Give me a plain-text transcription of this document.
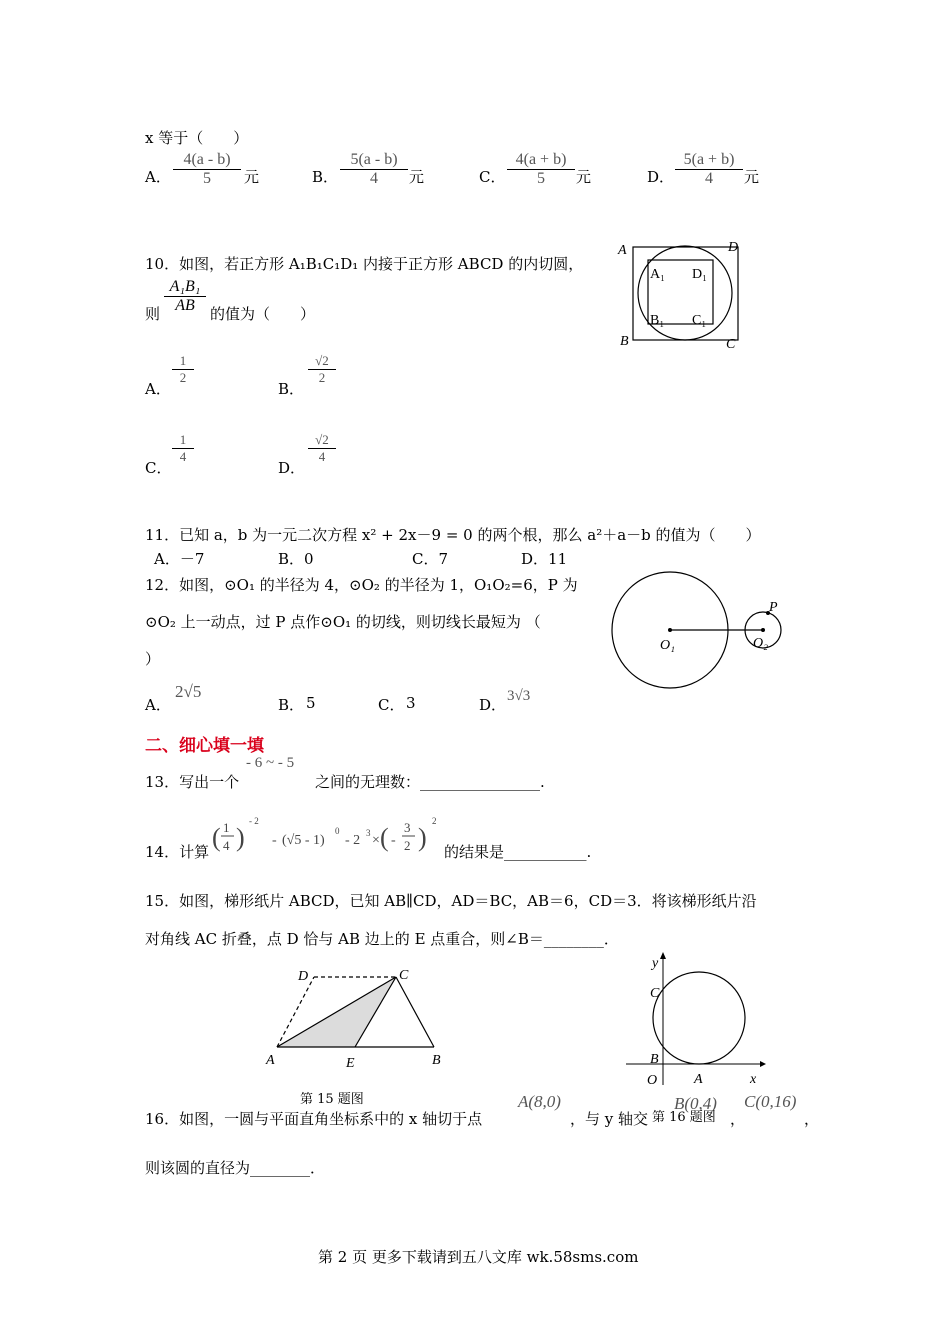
x 等于（　　）
A． $\frac{4(a - b)}{5}$ 元	B． $\frac{5(a - b)}{4}$ 元	C． $\frac{4(a + b)}{5}$ 元	D． $\frac{5(a + b)}{4}$ 元
10．如图，若正方形 A₁B₁C₁D₁ 内接于正方形 ABCD 的内切圆，
则 $\frac{\text{A₁B₁}}{AB}$ 的值为（　　）
A．
$\frac{1}{2}$
B．
$\frac{√2}{2}$
C．
$\frac{1}{4}$
D．
$\frac{√2}{4}$
A	D
B	C
A₁ D₁
B₁ C₁
11．已知 a，b 为一元二次方程 x² + 2x－9 = 0 的两个根，那么 a²＋a－b 的值为（　　）
A．－7	B．0	C．7	D．11
12．如图，⊙O₁ 的半径为 4，⊙O₂ 的半径为 1，O₁O₂=6，P 为
⊙O₂ 上一动点，过 P 点作⊙O₁ 的切线，则切线长最短为 （
）
A．
2√5
B． 5	C． 3	D． 3√3
O₁	O₂
P
二、细心填一填
13．写出一个
- 6 ~ - 5
之间的无理数：________________.
14．计算 ( 1
4 )
- 2
- (√5 - 1)
0
- 2 3 × ( -
3
2 )
2
的结果是___________.
15．如图，梯形纸片 ABCD，已知 AB∥CD，AD＝BC，AB＝6，CD＝3．将该梯形纸片沿
对角线 AC 折叠，点 D 恰与 AB 边上的 E 点重合，则∠B＝________．
A	B
C
D
E
第 15 题图
y
x
O	A
B
C
16．如图，一圆与平面直角坐标系中的 x 轴切于点
A(8,0)
，与 y 轴交 第 16 题图
B(0,4)
，
C(0,16)
，
则该圆的直径为________．
第 2 页 更多下载请到五八文库 wk.58sms.com
